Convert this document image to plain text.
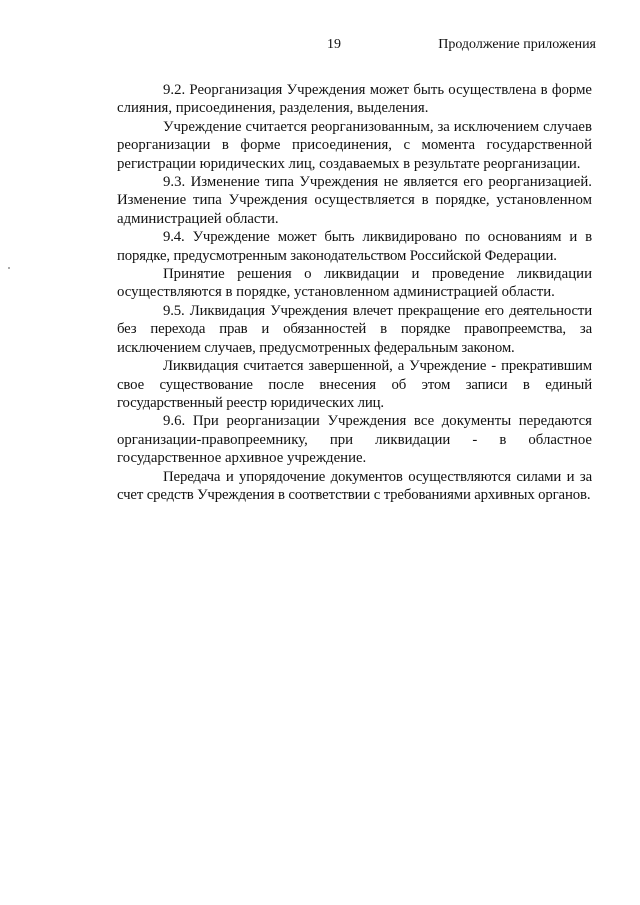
19	Продолжение приложения

9.2. Реорганизация Учреждения может быть осуществлена в форме слияния, присоединения, разделения, выделения.

Учреждение считается реорганизованным, за исключением случаев реорганизации в форме присоединения, с момента государственной регистрации юридических лиц, создаваемых в результате реорганизации.

9.3. Изменение типа Учреждения не является его реорганизацией. Изменение типа Учреждения осуществляется в порядке, установленном администрацией области.

9.4. Учреждение может быть ликвидировано по основаниям и в порядке, предусмотренным законодательством Российской Федерации.

Принятие решения о ликвидации и проведение ликвидации осуществляются в порядке, установленном администрацией области.

9.5. Ликвидация Учреждения влечет прекращение его деятельности без перехода прав и обязанностей в порядке правопреемства, за исключением случаев, предусмотренных федеральным законом.

Ликвидация считается завершенной, а Учреждение - прекратившим свое существование после внесения об этом записи в единый государственный реестр юридических лиц.

9.6. При реорганизации Учреждения все документы передаются организации-правопреемнику, при ликвидации - в областное государственное архивное учреждение.

Передача и упорядочение документов осуществляются силами и за счет средств Учреждения в соответствии с требованиями архивных органов.
